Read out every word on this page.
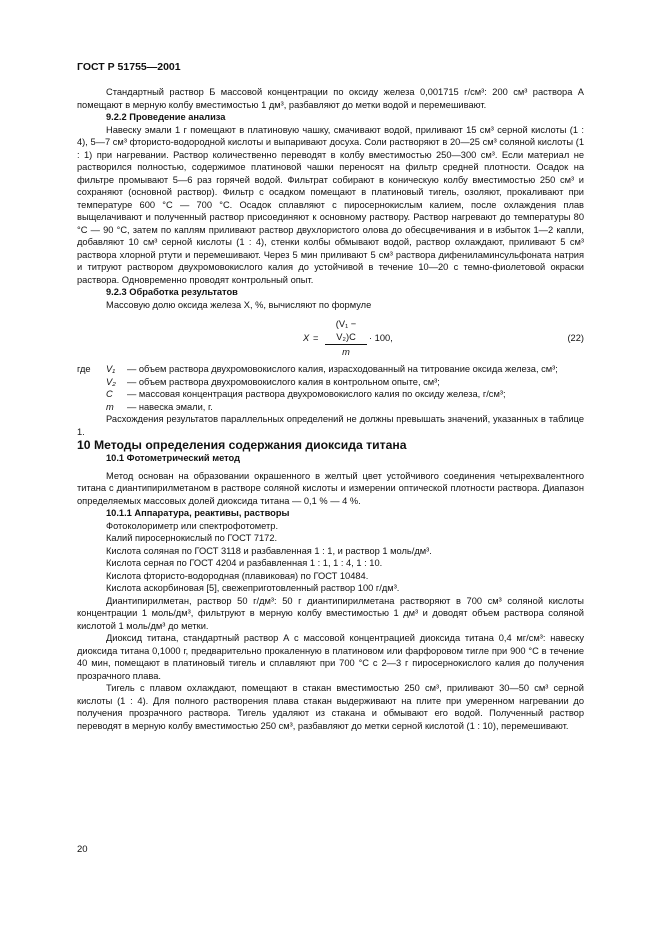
ГОСТ Р 51755—2001

Стандартный раствор Б массовой концентрации по оксиду железа 0,001715 г/см³: 200 см³ раствора А помещают в мерную колбу вместимостью 1 дм³, разбавляют до метки водой и перемешивают.

9.2.2 Проведение анализа

Навеску эмали 1 г помещают в платиновую чашку, смачивают водой, приливают 15 см³ серной кислоты (1 : 4), 5—7 см³ фтористо-водородной кислоты и выпаривают досуха. Соли растворяют в 20—25 см³ соляной кислоты (1 : 1) при нагревании. Раствор количественно переводят в колбу вместимостью 250—300 см³. Если материал не растворился полностью, содержимое платиновой чашки переносят на фильтр средней плотности. Осадок на фильтре промывают 5—6 раз горячей водой. Фильтрат собирают в коническую колбу вместимостью 250 см³ и сохраняют (основной раствор). Фильтр с осадком помещают в платиновый тигель, озоляют, прокаливают при температуре 600 °С — 700 °С. Осадок сплавляют с пиросернокислым калием, после охлаждения плав выщелачивают и полученный раствор присоединяют к основному раствору. Раствор нагревают до температуры 80 °С — 90 °С, затем по каплям приливают раствор двухлористого олова до обесцвечивания и в избыток 1—2 капли, добавляют 10 см³ серной кислоты (1 : 4), стенки колбы обмывают водой, раствор охлаждают, приливают 5 см³ раствора хлорной ртути и перемешивают. Через 5 мин приливают 5 см³ раствора дифениламинсульфоната натрия и титруют раствором двухромовокислого калия до устойчивой в течение 10—20 с темно-фиолетовой окраски раствора. Одновременно проводят контрольный опыт.

9.2.3 Обработка результатов

Массовую долю оксида железа X, %, вычисляют по формуле

X =
(V₁ − V₂)C
m
· 100,	(22)
где V₁ — объем раствора двухромовокислого калия, израсходованный на титрование оксида железа, см³;
V₂ — объем раствора двухромовокислого калия в контрольном опыте, см³;
С — массовая концентрация раствора двухромовокислого калия по оксиду железа, г/см³;
m — навеска эмали, г.

Расхождения результатов параллельных определений не должны превышать значений, указанных в таблице 1.

10 Методы определения содержания диоксида титана

10.1 Фотометрический метод

Метод основан на образовании окрашенного в желтый цвет устойчивого соединения четырехвалентного титана с диантипирилметаном в растворе соляной кислоты и измерении оптической плотности раствора. Диапазон определяемых массовых долей диоксида титана — 0,1 % — 4 %.

10.1.1 Аппаратура, реактивы, растворы

Фотоколориметр или спектрофотометр.

Калий пиросернокислый по ГОСТ 7172.

Кислота соляная по ГОСТ 3118 и разбавленная 1 : 1, и раствор 1 моль/дм³.

Кислота серная по ГОСТ 4204 и разбавленная 1 : 1, 1 : 4, 1 : 10.

Кислота фтористо-водородная (плавиковая) по ГОСТ 10484.

Кислота аскорбиновая [5], свежеприготовленный раствор 100 г/дм³.

Диантипирилметан, раствор 50 г/дм³: 50 г диантипирилметана растворяют в 700 см³ соляной кислоты концентрации 1 моль/дм³, фильтруют в мерную колбу вместимостью 1 дм³ и доводят объем раствора соляной кислотой 1 моль/дм³ до метки.

Диоксид титана, стандартный раствор А с массовой концентрацией диоксида титана 0,4 мг/см³: навеску диоксида титана 0,1000 г, предварительно прокаленную в платиновом или фарфоровом тигле при 900 °С в течение 40 мин, помещают в платиновый тигель и сплавляют при 700 °С с 2—3 г пиросернокислого калия до получения прозрачного плава.

Тигель с плавом охлаждают, помещают в стакан вместимостью 250 см³, приливают 30—50 см³ серной кислоты (1 : 4). Для полного растворения плава стакан выдерживают на плите при умеренном нагревании до получения прозрачного раствора. Тигель удаляют из стакана и обмывают его водой. Полученный раствор переводят в мерную колбу вместимостью 250 см³, разбавляют до метки серной кислотой (1 : 10), перемешивают.

20
